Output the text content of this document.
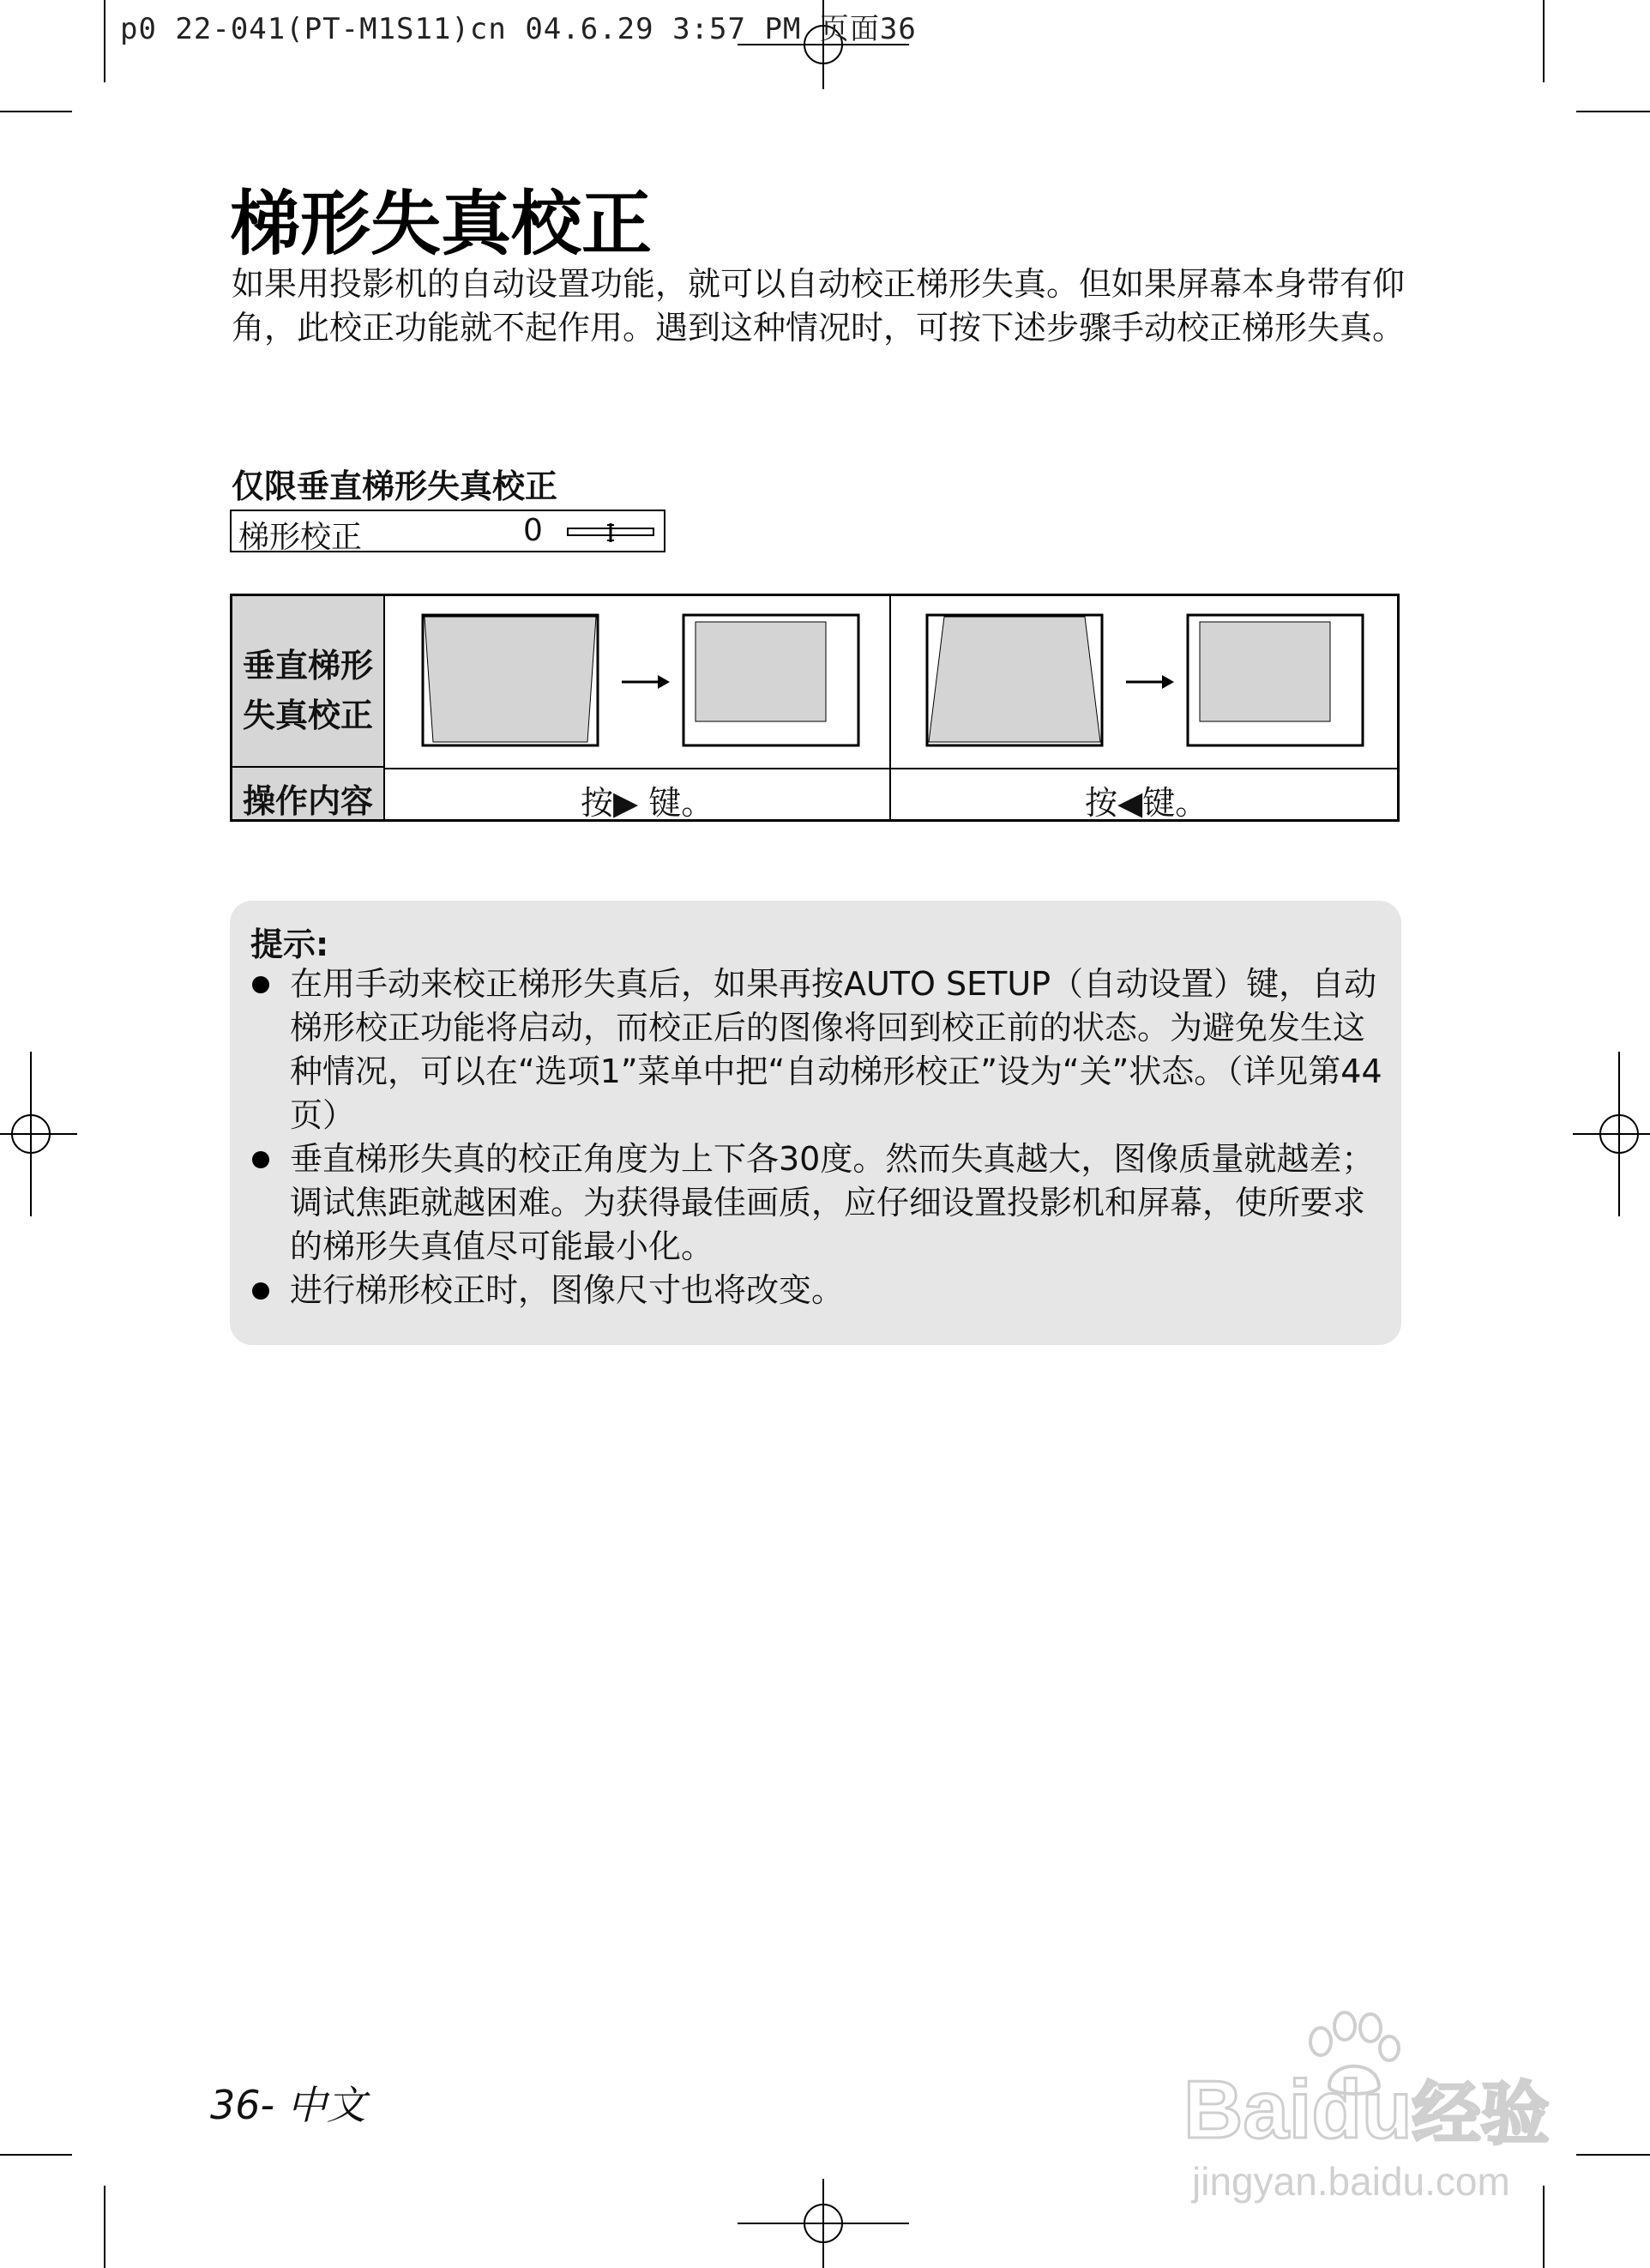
p0 22-041(PT-M1S11)cn 04.6.29 3:57 PM 页面36
梯形失真校正
如果用投影机的自动设置功能，就可以自动校正梯形失真。但如果屏幕本身带有仰角，此校正功能就不起作用。遇到这种情况时，可按下述步骤手动校正梯形失真。
仅限垂直梯形失真校正
梯形校正	0
垂直梯形
失真校正
操作内容	按▶ 键。	按◀键。
提示:
在用手动来校正梯形失真后，如果再按AUTO SETUP（自动设置）键，自动梯形校正功能将启动，而校正后的图像将回到校正前的状态。为避免发生这种情况，可以在“选项1”菜单中把“自动梯形校正”设为“关”状态。（详见第44页）
垂直梯形失真的校正角度为上下各30度。然而失真越大，图像质量就越差；调试焦距就越困难。为获得最佳画质，应仔细设置投影机和屏幕，使所要求的梯形失真值尽可能最小化。
进行梯形校正时，图像尺寸也将改变。
36- 中文	Baidu经验
jingyan.baidu.com
